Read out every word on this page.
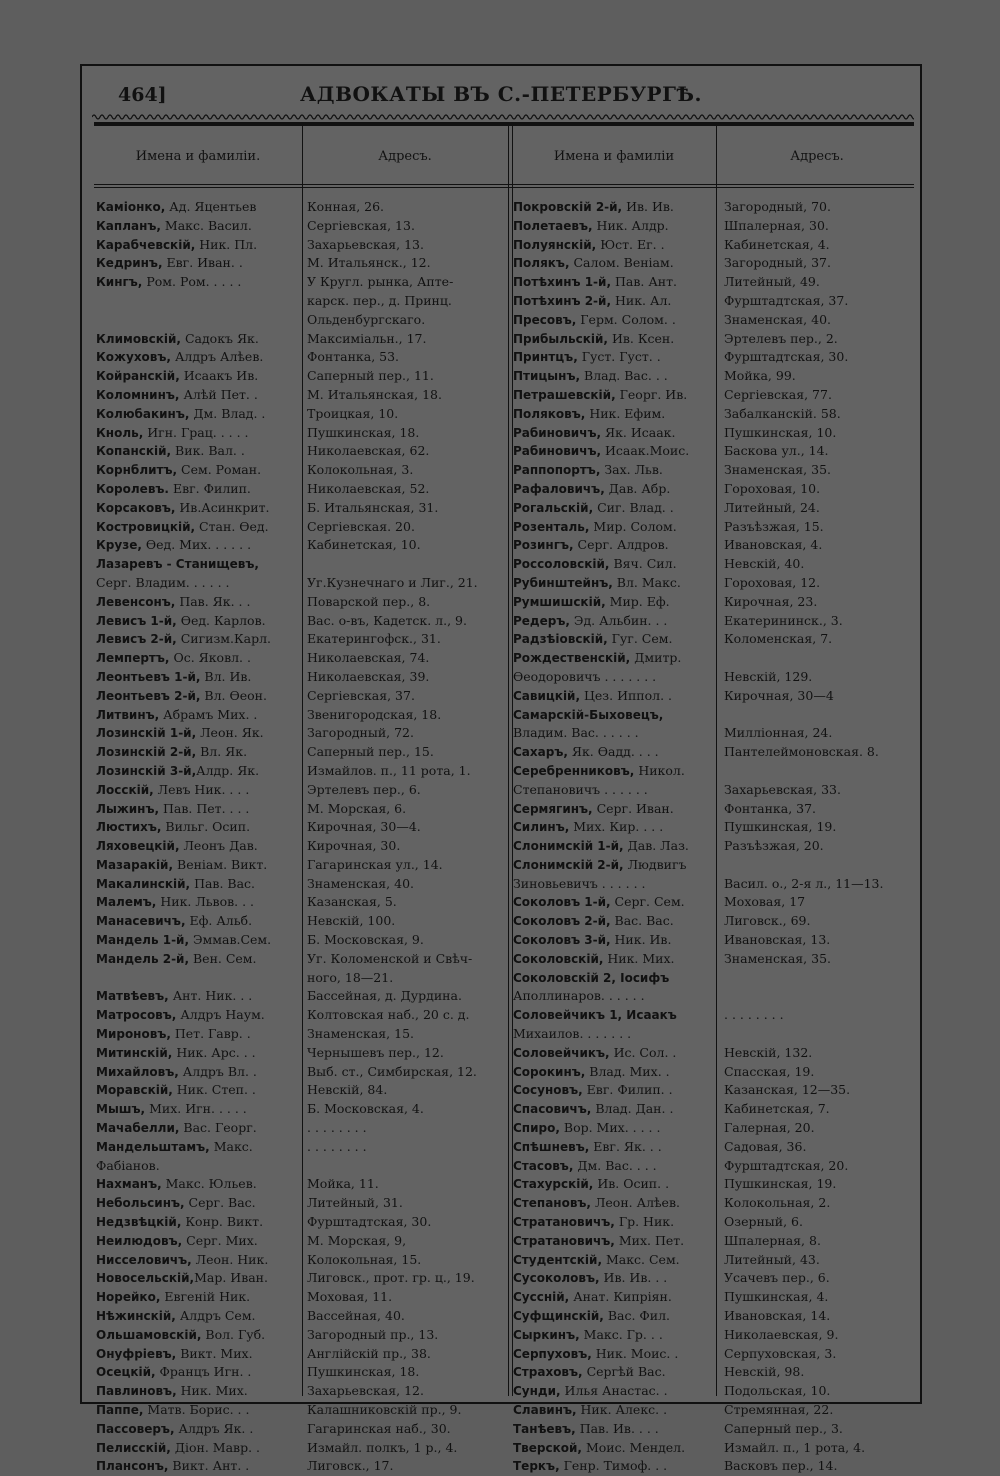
464]	АДВОКАТЫ ВЪ С.-ПЕТЕРБУРГѢ.
Имена и фамиліи.	Адресъ.	Имена и фамиліи	Адресъ.
Каміонко, Ад. Яцентьев	Конная, 26.
Капланъ, Макс. Васил.	Сергіевская, 13.
Карабчевскій, Ник. Пл.	Захарьевская, 13.
Кедринъ, Евг. Иван. .	М. Итальянск., 12.
Кингъ, Ром. Ром. . . . .	У Кругл. рынка, Апте-
карск. пер., д. Принц.
Ольденбургскаго.
Климовскій, Садокъ Як.	Максиміальн., 17.
Кожуховъ, Алдръ Алѣев.	Фонтанка, 53.
Койранскій, Исаакъ Ив.	Саперный пер., 11.
Коломнинъ, Алѣй Пет. .	М. Итальянская, 18.
Колюбакинъ, Дм. Влад. .	Троицкая, 10.
Кноль, Игн. Грац. . . . .	Пушкинская, 18.
Копанскій, Вик. Вал. .	Николаевская, 62.
Корнблитъ, Сем. Роман.	Колокольная, 3.
Королевъ. Евг. Филип.	Николаевская, 52.
Корсаковъ, Ив.Асинкрит.	Б. Итальянская, 31.
Костровицкій, Стан. Ѳед.	Сергіевская. 20.
Крузе, Ѳед. Мих. . . . . .	Кабинетская, 10.
Лазаревъ - Станищевъ,
Серг. Владим. . . . . .	Уг.Кузнечнаго и Лиг., 21.
Левенсонъ, Пав. Як. . .	Поварской пер., 8.
Левисъ 1-й, Ѳед. Карлов.	Вас. о-въ, Кадетск. л., 9.
Левисъ 2-й, Сигизм.Карл.	Екатерингофск., 31.
Лемпертъ, Ос. Яковл. .	Николаевская, 74.
Леонтьевъ 1-й, Вл. Ив.	Николаевская, 39.
Леонтьевъ 2-й, Вл. Ѳеон.	Сергіевская, 37.
Литвинъ, Абрамъ Мих. .	Звенигородская, 18.
Лозинскій 1-й, Леон. Як.	Загородный, 72.
Лозинскій 2-й, Вл. Як.	Саперный пер., 15.
Лозинскій 3-й,Алдр. Як.	Измайлов. п., 11 рота, 1.
Лосскій, Левъ Ник. . . .	Эртелевъ пер., 6.
Лыжинъ, Пав. Пет. . . .	М. Морская, 6.
Люстихъ, Вильг. Осип.	Кирочная, 30—4.
Ляховецкій, Леонъ Дав.	Кирочная, 30.
Мазаракій, Веніам. Викт.	Гагаринская ул., 14.
Макалинскій, Пав. Вас.	Знаменская, 40.
Малемъ, Ник. Львов. . .	Казанская, 5.
Манасевичъ, Еф. Альб.	Невскій, 100.
Мандель 1-й, Эммав.Сем.	Б. Московская, 9.
Мандель 2-й, Вен. Сем.	Уг. Коломенской и Свѣч-
ного, 18—21.
Матвѣевъ, Ант. Ник. . .	Бассейная, д. Дурдина.
Матросовъ, Алдръ Наум.	Колтовская наб., 20 с. д.
Мироновъ, Пет. Гавр. .	Знаменская, 15.
Митинскій, Ник. Арс. . .	Чернышевъ пер., 12.
Михайловъ, Алдръ Вл. .	Выб. ст., Симбирская, 12.
Моравскій, Ник. Степ. .	Невскій, 84.
Мышъ, Мих. Игн. . . . .	Б. Московская, 4.
Мачабелли, Вас. Георг.	. . . . . . . .
Мандельштамъ, Макс.	. . . . . . . .
Фабіанов.
Нахманъ, Макс. Юльев.	Мойка, 11.
Небольсинъ, Серг. Вас.	Литейный, 31.
Недзвѣцкій, Конр. Викт.	Фурштадтская, 30.
Неилюдовъ, Серг. Мих.	М. Морская, 9,
Нисселовичъ, Леон. Ник.	Колокольная, 15.
Новосельскій,Мар. Иван.	Лиговск., прот. гр. ц., 19.
Норейко, Евгеній Ник.	Моховая, 11.
Нѣжинскій, Алдръ Сем.	Вассейная, 40.
Ольшамовскій, Вол. Губ.	Загородный пр., 13.
Онуфріевъ, Викт. Мих.	Англійскій пр., 38.
Осецкій, Францъ Игн. .	Пушкинская, 18.
Павлиновъ, Ник. Мих.	Захарьевская, 12.
Паппе, Матв. Борис. . .	Калашниковскій пр., 9.
Пассоверъ, Алдръ Як. .	Гагаринская наб., 30.
Пелисскій, Діон. Мавр. .	Измайл. полкъ, 1 р., 4.
Плансонъ, Викт. Ант. .	Лиговск., 17.
Покровскій 2-й, Ив. Ив.	Загородный, 70.
Полетаевъ, Ник. Алдр.	Шпалерная, 30.
Полуянскій, Юст. Ег. .	Кабинетская, 4.
Полякъ, Салом. Веніам.	Загородный, 37.
Потѣхинъ 1-й, Пав. Ант.	Литейный, 49.
Потѣхинъ 2-й, Ник. Ал.	Фурштадтская, 37.
Пресовъ, Герм. Солом. .	Знаменская, 40.
Прибыльскій, Ив. Ксен.	Эртелевъ пер., 2.
Принтцъ, Густ. Густ. .	Фурштадтская, 30.
Птицынъ, Влад. Вас. . .	Мойка, 99.
Петрашевскій, Георг. Ив.	Сергіевская, 77.
Поляковъ, Ник. Ефим.	Забалканскій. 58.
Рабиновичъ, Як. Исаак.	Пушкинская, 10.
Рабиновичъ, Исаак.Моис.	Баскова ул., 14.
Раппопортъ, Зах. Льв.	Знаменская, 35.
Рафаловичъ, Дав. Абр.	Гороховая, 10.
Рогальскій, Сиг. Влад. .	Литейный, 24.
Розенталь, Мир. Солом.	Разъѣзжая, 15.
Розингъ, Серг. Алдров.	Ивановская, 4.
Россоловскій, Вяч. Сил.	Невскій, 40.
Рубинштейнъ, Вл. Макс.	Гороховая, 12.
Румшишскій, Мир. Еф.	Кирочная, 23.
Редеръ, Эд. Альбин. . .	Екатерининск., 3.
Радзѣіовскій, Гуг. Сем.	Коломенская, 7.
Рождественскій, Дмитр.
Ѳеодоровичъ . . . . . . .	Невскій, 129.
Савицкій, Цез. Иппол. .	Кирочная, 30—4
Самарскій-Быховецъ,
Владим. Вас. . . . . .	Милліонная, 24.
Сахаръ, Як. Ѳадд. . . .	Пантелеймоновская. 8.
Серебренниковъ, Никол.
Степановичъ . . . . . .	Захарьевская, 33.
Сермягинъ, Серг. Иван.	Фонтанка, 37.
Силинъ, Мих. Кир. . . .	Пушкинская, 19.
Слонимскій 1-й, Дав. Лаз.	Разъѣзжая, 20.
Слонимскій 2-й, Людвигъ
Зиновьевичъ . . . . . .	Васил. о., 2-я л., 11—13.
Соколовъ 1-й, Серг. Сем.	Моховая, 17
Соколовъ 2-й, Вас. Вас.	Лиговск., 69.
Соколовъ 3-й, Ник. Ив.	Ивановская, 13.
Соколовскій, Ник. Мих.	Знаменская, 35.
Соколовскій 2, Іосифъ
Аполлинаров. . . . . .
Соловейчикъ 1, Исаакъ	. . . . . . . .
Михаилов. . . . . . .
Соловейчикъ, Ис. Сол. .	Невскій, 132.
Сорокинъ, Влад. Мих. .	Спасская, 19.
Сосуновъ, Евг. Филип. .	Казанская, 12—35.
Спасовичъ, Влад. Дан. .	Кабинетская, 7.
Спиро, Вор. Мих. . . . .	Галерная, 20.
Спѣшневъ, Евг. Як. . .	Садовая, 36.
Стасовъ, Дм. Вас. . . .	Фурштадтская, 20.
Стахурскій, Ив. Осип. .	Пушкинская, 19.
Степановъ, Леон. Алѣев.	Колокольная, 2.
Стратановичъ, Гр. Ник.	Озерный, 6.
Стратановичъ, Мих. Пет.	Шпалерная, 8.
Студентскій, Макс. Сем.	Литейный, 43.
Сусоколовъ, Ив. Ив. . .	Усачевъ пер., 6.
Суссній, Анат. Кипріян.	Пушкинская, 4.
Суфщинскій, Вас. Фил.	Ивановская, 14.
Сыркинъ, Макс. Гр. . .	Николаевская, 9.
Серпуховъ, Ник. Моис. .	Серпуховская, 3.
Страховъ, Сергѣй Вас.	Невскій, 98.
Сунди, Илья Анастас. .	Подольская, 10.
Славинъ, Ник. Алекс. .	Стремянная, 22.
Танѣевъ, Пав. Ив. . . .	Саперный пер., 3.
Тверской, Моис. Мендел.	Измайл. п., 1 рота, 4.
Теркъ, Генр. Тимоф. . .	Васковъ пер., 14.
